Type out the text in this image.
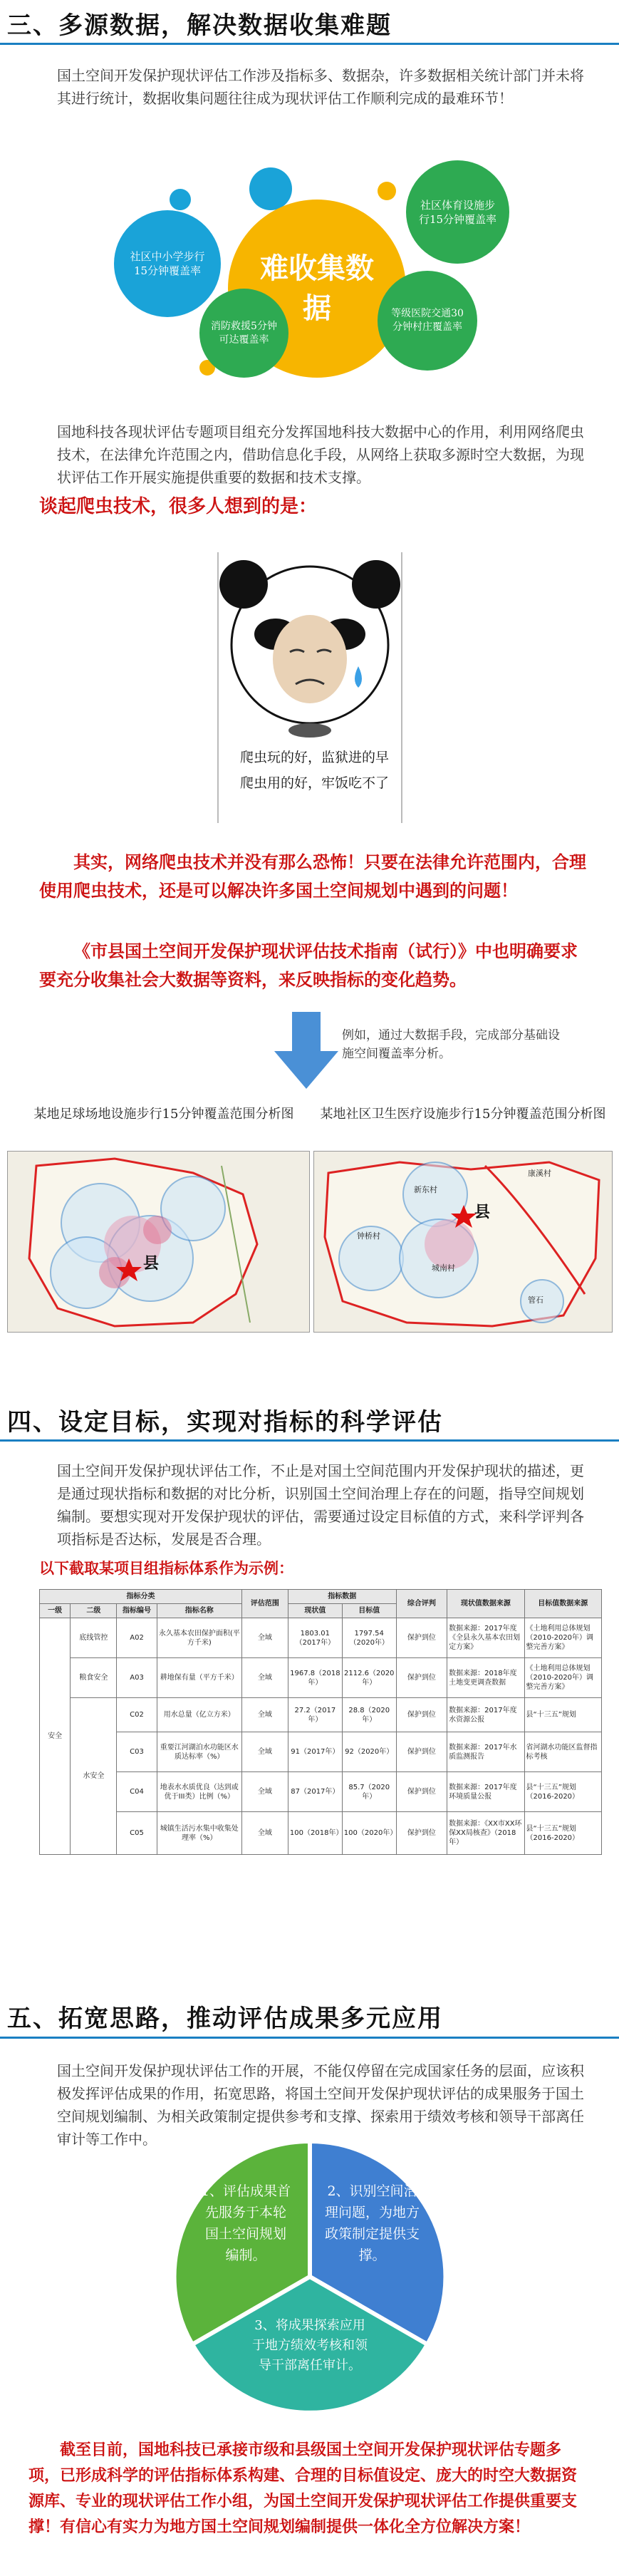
三、多源数据，解决数据收集难题
国土空间开发保护现状评估工作涉及指标多、数据杂，许多数据相关统计部门并未将其进行统计，数据收集问题往往成为现状评估工作顺利完成的最难环节！
社区中小学步行15分钟覆盖率	难收集数据
社区体育设施步行15分钟覆盖率
消防救援5分钟可达覆盖率
等级医院交通30分钟村庄覆盖率
国地科技各现状评估专题项目组充分发挥国地科技大数据中心的作用，利用网络爬虫技术，在法律允许范围之内，借助信息化手段，从网络上获取多源时空大数据，为现状评估工作开展实施提供重要的数据和技术支撑。
谈起爬虫技术，很多人想到的是：
爬虫玩的好，监狱进的早
爬虫用的好，牢饭吃不了
其实，网络爬虫技术并没有那么恐怖！只要在法律允许范围内，合理使用爬虫技术，还是可以解决许多国土空间规划中遇到的问题！
《市县国土空间开发保护现状评估技术指南（试行）》中也明确要求要充分收集社会大数据等资料，来反映指标的变化趋势。
例如，通过大数据手段，完成部分基础设施空间覆盖率分析。
某地足球场地设施步行15分钟覆盖范围分析图	某地社区卫生医疗设施步行15分钟覆盖范围分析图
县
县
康溪村
新东村
钟桥村
城南村
管石
四、设定目标，实现对指标的科学评估
国土空间开发保护现状评估工作，不止是对国土空间范围内开发保护现状的描述，更是通过现状指标和数据的对比分析，识别国土空间治理上存在的问题，指导空间规划编制。要想实现对开发保护现状的评估，需要通过设定目标值的方式，来科学评判各项指标是否达标，发展是否合理。
以下截取某项目组指标体系作为示例：
指标分类				评估范围	指标数据		综合评判	现状值数据来源	目标值数据来源
一级	二级	指标编号	指标名称		现状值	目标值			
安全	底线管控	A02	永久基本农田保护面积(平方千米)	全域	1803.01（2017年）	1797.54（2020年）	保护到位	数据来源：2017年度《全县永久基本农田划定方案》	《土地利用总体规划（2010-2020年）调整完善方案》
	粮食安全	A03	耕地保有量（平方千米）	全域	1967.8（2018年）	2112.6（2020年）	保护到位	数据来源：2018年度土地变更调查数据	《土地利用总体规划（2010-2020年）调整完善方案》
	水安全	C02	用水总量（亿立方米）	全域	27.2（2017年）	28.8（2020年）	保护到位	数据来源：2017年度水资源公报	县“十三五”规划
		C03	重要江河湖泊水功能区水质达标率（%）	全域	91（2017年）	92（2020年）	保护到位	数据来源：2017年水质监测报告	省河湖水功能区监督指标考核
		C04	地表水水质优良（达到或优于III类）比例（%）	全域	87（2017年）	85.7（2020年）	保护到位	数据来源：2017年度环境质量公报	县“十三五”规划（2016-2020）
		C05	城镇生活污水集中收集处理率（%）	全域	100（2018年）	100（2020年）	保护到位	数据来源：《XX市XX环保XX局核查》（2018年）	县“十三五”规划（2016-2020）
五、拓宽思路，推动评估成果多元应用
国土空间开发保护现状评估工作的开展，不能仅停留在完成国家任务的层面，应该积极发挥评估成果的作用，拓宽思路，将国土空间开发保护现状评估的成果服务于国土空间规划编制、为相关政策制定提供参考和支撑、探索用于绩效考核和领导干部离任审计等工作中。
1、评估成果首先服务于本轮国土空间规划编制。
2、识别空间治理问题，为地方政策制定提供支撑。
3、将成果探索应用于地方绩效考核和领导干部离任审计。
截至目前，国地科技已承接市级和县级国土空间开发保护现状评估专题多项，已形成科学的评估指标体系构建、合理的目标值设定、庞大的时空大数据资源库、专业的现状评估工作小组，为国土空间开发保护现状评估工作提供重要支撑！有信心有实力为地方国土空间规划编制提供一体化全方位解决方案！
